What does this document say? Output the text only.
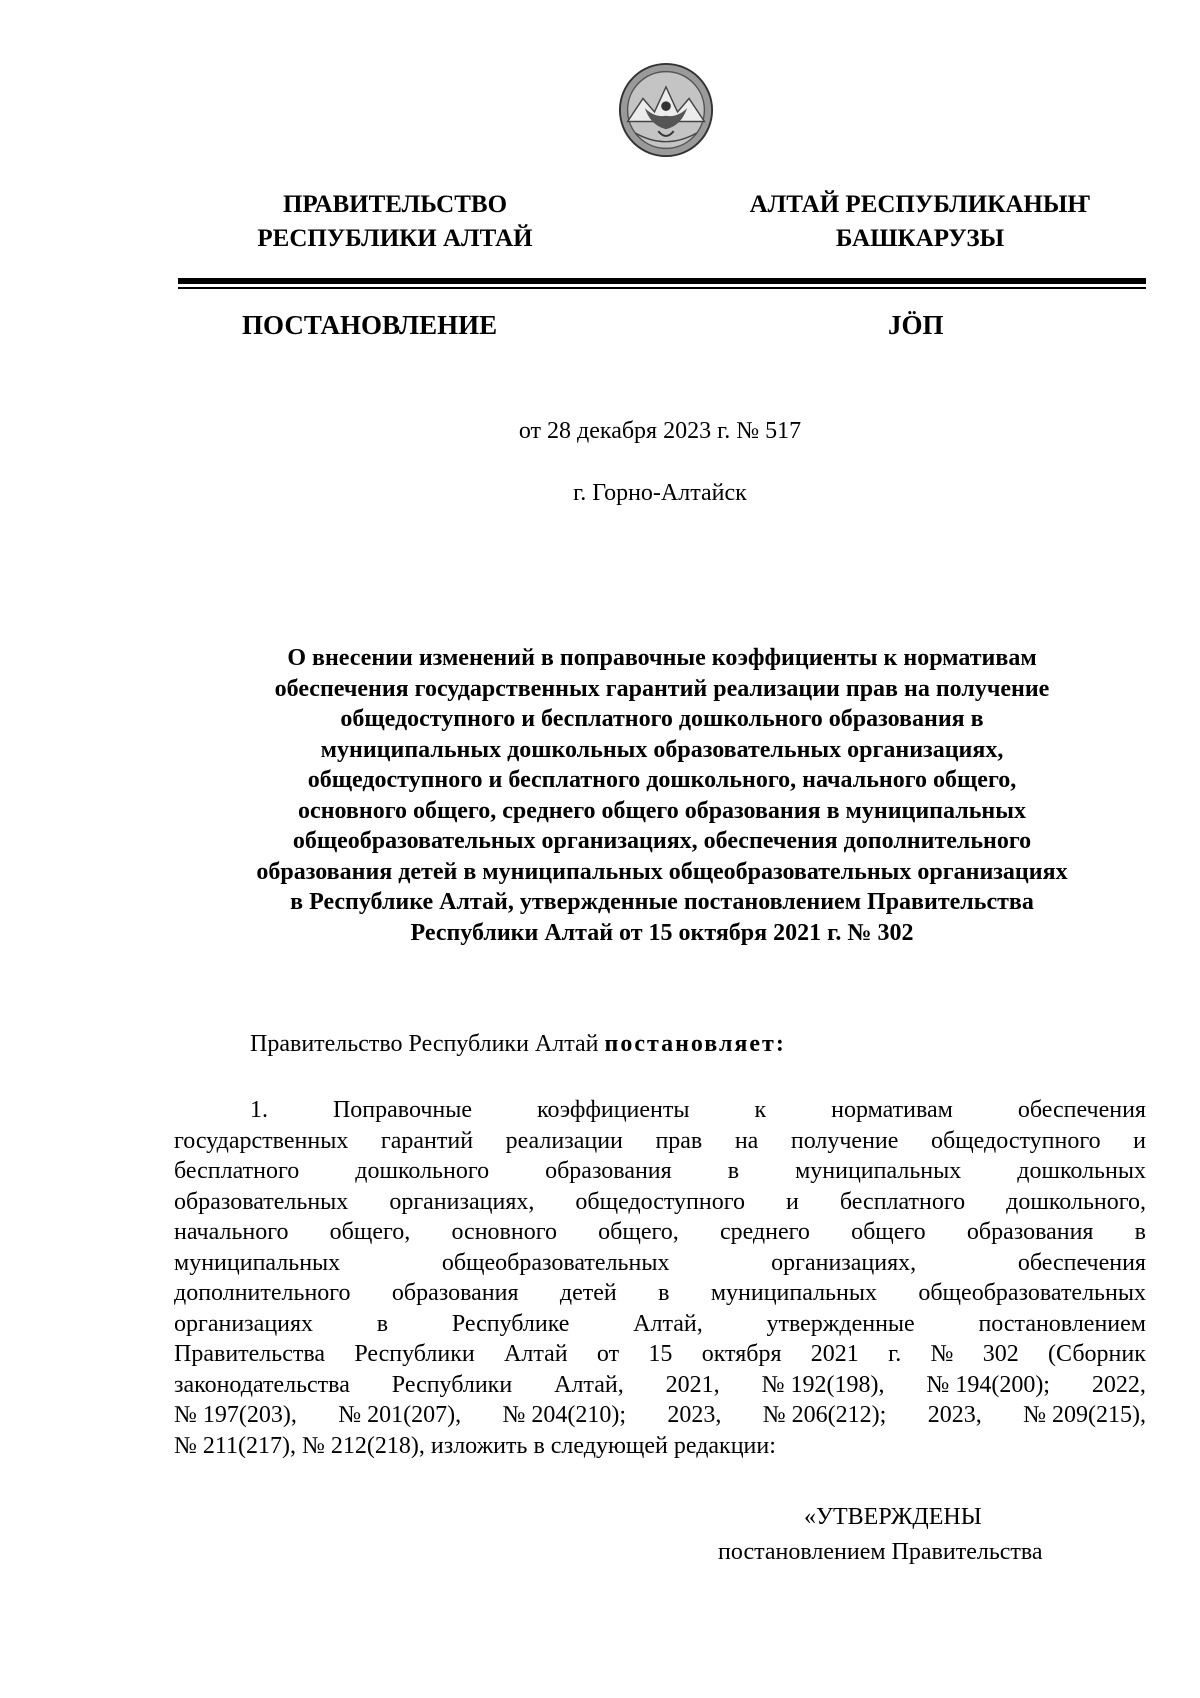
ПРАВИТЕЛЬСТВО
РЕСПУБЛИКИ АЛТАЙ
АЛТАЙ РЕСПУБЛИКАНЫҤ
БАШКАРУЗЫ
ПОСТАНОВЛЕНИЕ	JӦП
от 28 декабря 2023 г. № 517
г. Горно-Алтайск
О внесении изменений в поправочные коэффициенты к нормативам
обеспечения государственных гарантий реализации прав на получение
общедоступного и бесплатного дошкольного образования в
муниципальных дошкольных образовательных организациях,
общедоступного и бесплатного дошкольного, начального общего,
основного общего, среднего общего образования в муниципальных
общеобразовательных организациях, обеспечения дополнительного
образования детей в муниципальных общеобразовательных организациях
в Республике Алтай, утвержденные постановлением Правительства
Республики Алтай от 15 октября 2021 г. № 302
Правительство Республики Алтай постановляет:
1.	Поправочные	коэффициенты	к	нормативам	обеспечения
государственных гарантий реализации прав на получение общедоступного и
бесплатного дошкольного образования в муниципальных дошкольных
образовательных организациях, общедоступного и бесплатного дошкольного,
начального общего, основного общего, среднего общего образования в
муниципальных	общеобразовательных	организациях,	обеспечения
дополнительного образования детей в муниципальных общеобразовательных
организациях	в	Республике	Алтай,	утвержденные	постановлением
Правительства Республики Алтай от 15 октября 2021 г. № 302 (Сборник
законодательства Республики Алтай, 2021, № 192(198), № 194(200); 2022,
№ 197(203), № 201(207), № 204(210); 2023, № 206(212); 2023, № 209(215),
№ 211(217), № 212(218), изложить в следующей редакции:
«УТВЕРЖДЕНЫ
постановлением Правительства
